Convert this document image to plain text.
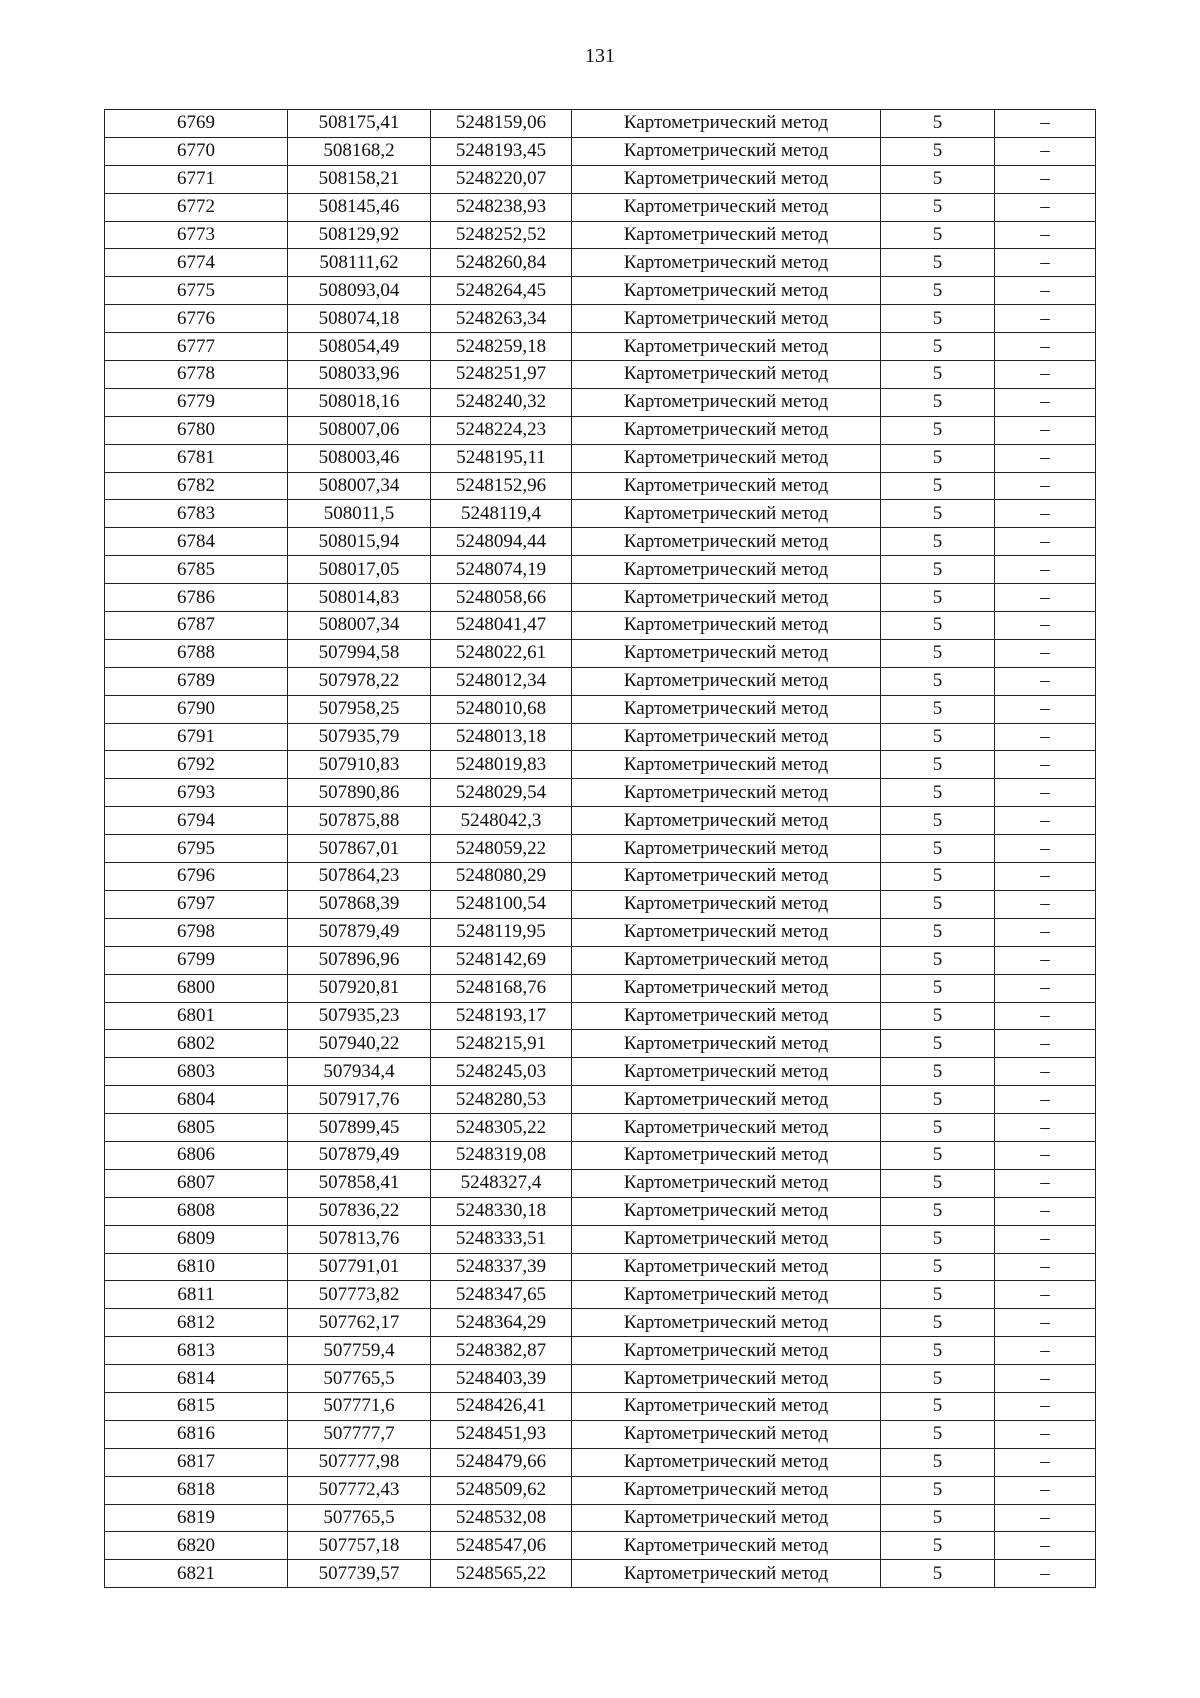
131
6769	508175,41	5248159,06	Картометрический метод	5	–
6770	508168,2	5248193,45	Картометрический метод	5	–
6771	508158,21	5248220,07	Картометрический метод	5	–
6772	508145,46	5248238,93	Картометрический метод	5	–
6773	508129,92	5248252,52	Картометрический метод	5	–
6774	508111,62	5248260,84	Картометрический метод	5	–
6775	508093,04	5248264,45	Картометрический метод	5	–
6776	508074,18	5248263,34	Картометрический метод	5	–
6777	508054,49	5248259,18	Картометрический метод	5	–
6778	508033,96	5248251,97	Картометрический метод	5	–
6779	508018,16	5248240,32	Картометрический метод	5	–
6780	508007,06	5248224,23	Картометрический метод	5	–
6781	508003,46	5248195,11	Картометрический метод	5	–
6782	508007,34	5248152,96	Картометрический метод	5	–
6783	508011,5	5248119,4	Картометрический метод	5	–
6784	508015,94	5248094,44	Картометрический метод	5	–
6785	508017,05	5248074,19	Картометрический метод	5	–
6786	508014,83	5248058,66	Картометрический метод	5	–
6787	508007,34	5248041,47	Картометрический метод	5	–
6788	507994,58	5248022,61	Картометрический метод	5	–
6789	507978,22	5248012,34	Картометрический метод	5	–
6790	507958,25	5248010,68	Картометрический метод	5	–
6791	507935,79	5248013,18	Картометрический метод	5	–
6792	507910,83	5248019,83	Картометрический метод	5	–
6793	507890,86	5248029,54	Картометрический метод	5	–
6794	507875,88	5248042,3	Картометрический метод	5	–
6795	507867,01	5248059,22	Картометрический метод	5	–
6796	507864,23	5248080,29	Картометрический метод	5	–
6797	507868,39	5248100,54	Картометрический метод	5	–
6798	507879,49	5248119,95	Картометрический метод	5	–
6799	507896,96	5248142,69	Картометрический метод	5	–
6800	507920,81	5248168,76	Картометрический метод	5	–
6801	507935,23	5248193,17	Картометрический метод	5	–
6802	507940,22	5248215,91	Картометрический метод	5	–
6803	507934,4	5248245,03	Картометрический метод	5	–
6804	507917,76	5248280,53	Картометрический метод	5	–
6805	507899,45	5248305,22	Картометрический метод	5	–
6806	507879,49	5248319,08	Картометрический метод	5	–
6807	507858,41	5248327,4	Картометрический метод	5	–
6808	507836,22	5248330,18	Картометрический метод	5	–
6809	507813,76	5248333,51	Картометрический метод	5	–
6810	507791,01	5248337,39	Картометрический метод	5	–
6811	507773,82	5248347,65	Картометрический метод	5	–
6812	507762,17	5248364,29	Картометрический метод	5	–
6813	507759,4	5248382,87	Картометрический метод	5	–
6814	507765,5	5248403,39	Картометрический метод	5	–
6815	507771,6	5248426,41	Картометрический метод	5	–
6816	507777,7	5248451,93	Картометрический метод	5	–
6817	507777,98	5248479,66	Картометрический метод	5	–
6818	507772,43	5248509,62	Картометрический метод	5	–
6819	507765,5	5248532,08	Картометрический метод	5	–
6820	507757,18	5248547,06	Картометрический метод	5	–
6821	507739,57	5248565,22	Картометрический метод	5	–
